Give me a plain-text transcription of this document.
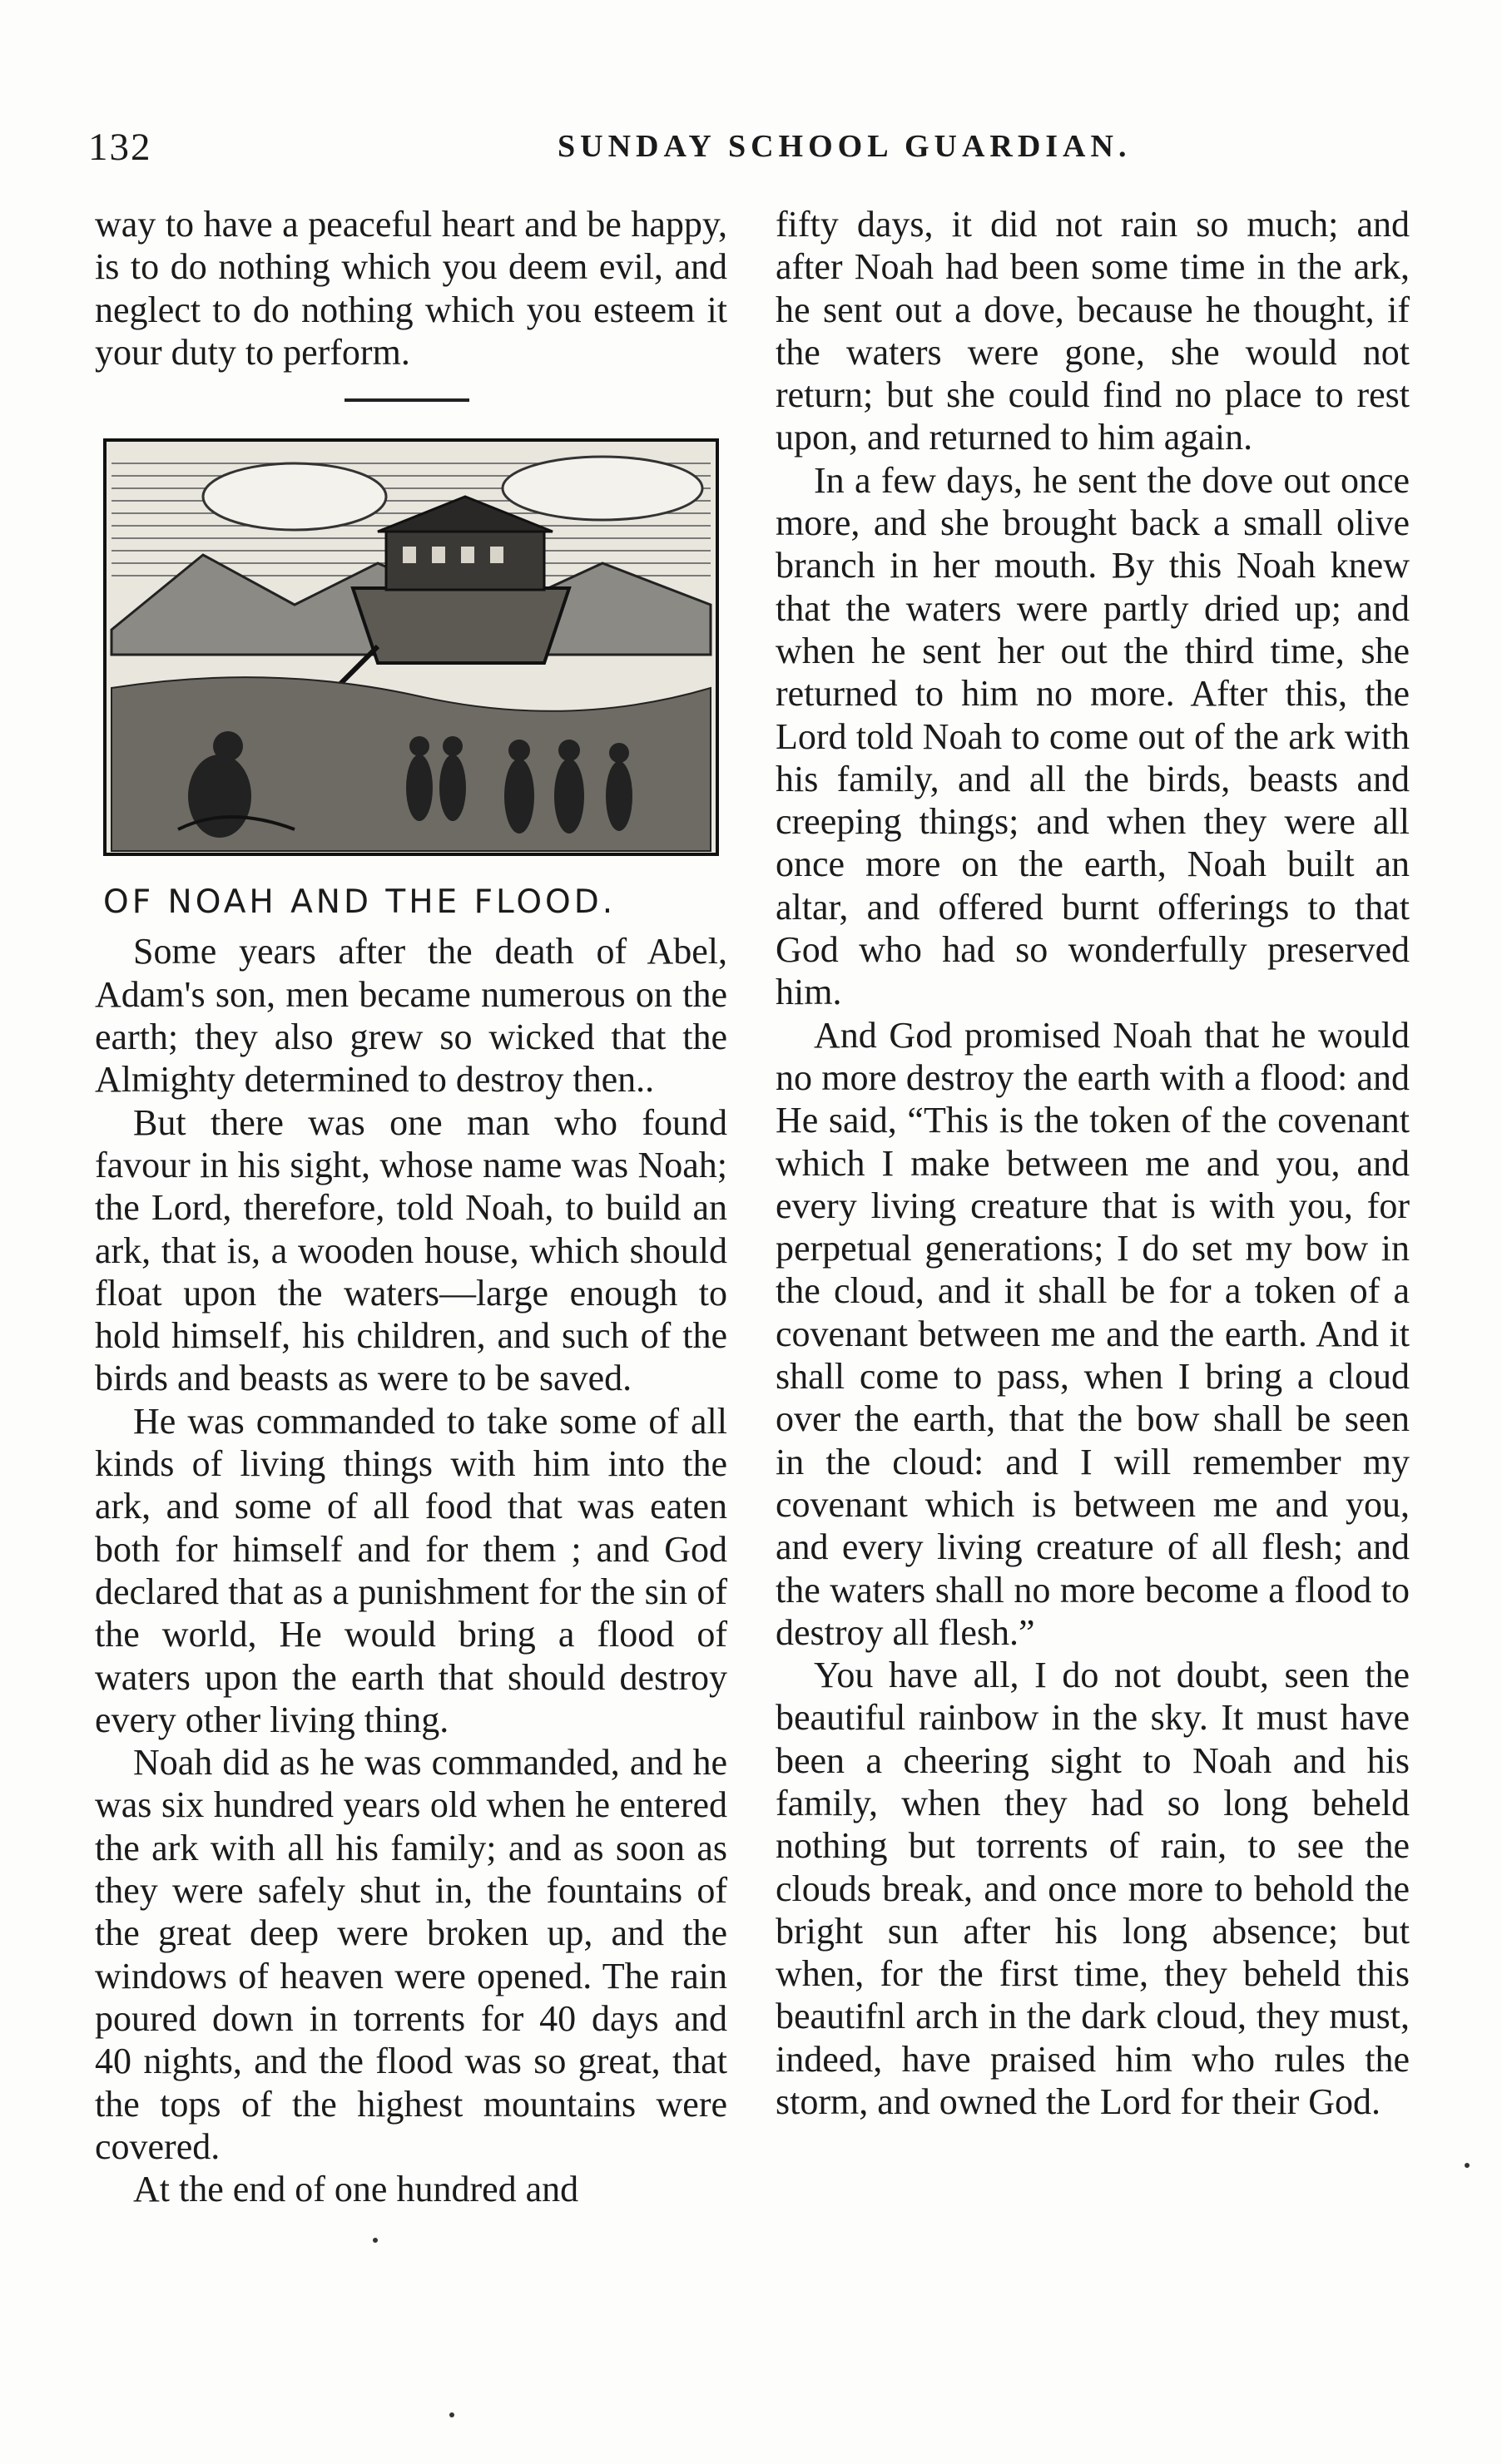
132	SUNDAY SCHOOL GUARDIAN.

way to have a peaceful heart and be happy, is to do nothing which you deem evil, and neglect to do nothing which you esteem it your duty to perform.

OF NOAH AND THE FLOOD.

Some years after the death of Abel, Adam's son, men became numerous on the earth; they also grew so wicked that the Almighty determined to destroy then..

But there was one man who found favour in his sight, whose name was Noah; the Lord, therefore, told Noah, to build an ark, that is, a wooden house, which should float upon the waters—large enough to hold himself, his children, and such of the birds and beasts as were to be saved.

He was commanded to take some of all kinds of living things with him into the ark, and some of all food that was eaten both for himself and for them ; and God declared that as a punishment for the sin of the world, He would bring a flood of waters upon the earth that should destroy every other living thing.

Noah did as he was commanded, and he was six hundred years old when he entered the ark with all his family; and as soon as they were safely shut in, the fountains of the great deep were broken up, and the windows of heaven were opened. The rain poured down in torrents for 40 days and 40 nights, and the flood was so great, that the tops of the highest mountains were covered.

At the end of one hundred and

fifty days, it did not rain so much; and after Noah had been some time in the ark, he sent out a dove, because he thought, if the waters were gone, she would not return; but she could find no place to rest upon, and returned to him again.

In a few days, he sent the dove out once more, and she brought back a small olive branch in her mouth. By this Noah knew that the waters were partly dried up; and when he sent her out the third time, she returned to him no more. After this, the Lord told Noah to come out of the ark with his family, and all the birds, beasts and creeping things; and when they were all once more on the earth, Noah built an altar, and offered burnt offerings to that God who had so wonderfully preserved him.

And God promised Noah that he would no more destroy the earth with a flood: and He said, “This is the token of the covenant which I make between me and you, and every living creature that is with you, for perpetual generations; I do set my bow in the cloud, and it shall be for a token of a covenant between me and the earth. And it shall come to pass, when I bring a cloud over the earth, that the bow shall be seen in the cloud: and I will remember my covenant which is between me and you, and every living creature of all flesh; and the waters shall no more become a flood to destroy all flesh.”

You have all, I do not doubt, seen the beautiful rainbow in the sky. It must have been a cheering sight to Noah and his family, when they had so long beheld nothing but torrents of rain, to see the clouds break, and once more to behold the bright sun after his long absence; but when, for the first time, they beheld this beautifnl arch in the dark cloud, they must, indeed, have praised him who rules the storm, and owned the Lord for their God.
